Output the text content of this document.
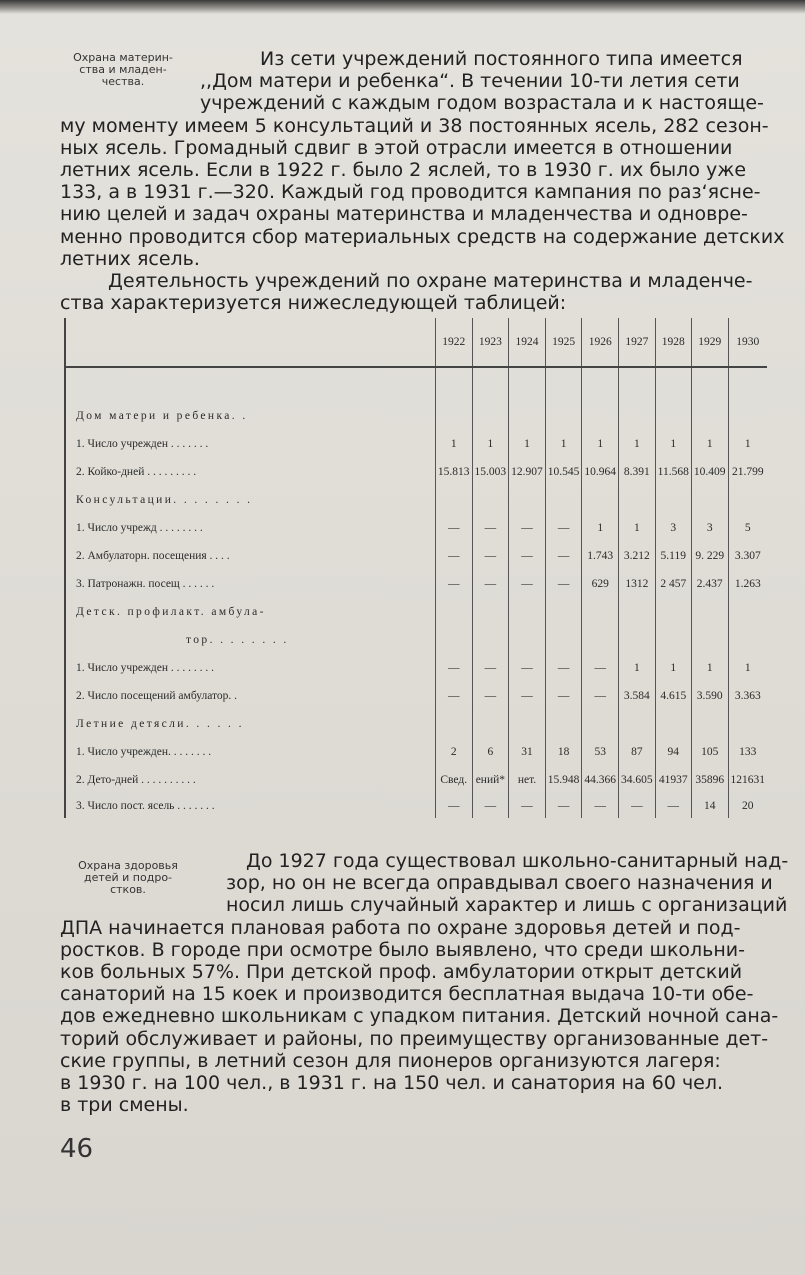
Охрана материн-
ства и младен-
чества.
Из сети учреждений постоянного типа имеется
,,Дом матери и ребенка“. В течении 10-ти летия сети
учреждений с каждым годом возрастала и к настояще-
му моменту имеем 5 консультаций и 38 постоянных ясель, 282 сезон-
ных ясель. Громадный сдвиг в этой отрасли имеется в отношении
летних ясель. Если в 1922 г. было 2 яслей, то в 1930 г. их было уже
133, а в 1931 г.—320. Каждый год проводится кампания по раз‘ясне-
нию целей и задач охраны материнства и младенчества и одновре-
менно проводится сбор материальных средств на содержание детских
летних ясель.
Деятельность учреждений по охране материнства и младенче-
ства характеризуется нижеследующей таблицей:
	1922	1923	1924	1925	1926	1927	1928	1929	1930

Дом матери и ребенка. .									
1. Число учрежден . . . . . . .	1	1	1	1	1	1	1	1	1
2. Койко-дней . . . . . . . . .	15.813	15.003	12.907	10.545	10.964	8.391	11.568	10.409	21.799
Консультации. . . . . . . .									
1. Число учрежд . . . . . . . .	—	—	—	—	1	1	3	3	5
2. Амбулаторн. посещения . . . .	—	—	—	—	1.743	3.212	5.119	9. 229	3.307
3. Патронажн. посещ . . . . . .	—	—	—	—	629	1312	2 457	2.437	1.263
Детск. профилакт. амбула-									
тор. . . . . . . .									
1. Число учрежден . . . . . . . .	—	—	—	—	—	1	1	1	1
2. Число посещений амбулатор. .	—	—	—	—	—	3.584	4.615	3.590	3.363
Летние детясли. . . . . .									
1. Число учрежден. . . . . . . .	2	6	31	18	53	87	94	105	133
2. Дето-дней . . . . . . . . . .	Свед.	ений*	нет.	15.948	44.366	34.605	41937	35896	121631
3. Число пост. ясель . . . . . . .	—	—	—	—	—	—	—	14	20
Охрана здоровья
детей и подро-
стков.
До 1927 года существовал школьно-санитарный над-
зор, но он не всегда оправдывал своего назначения и
носил лишь случайный характер и лишь с организаций
ДПА начинается плановая работа по охране здоровья детей и под-
ростков. В городе при осмотре было выявлено, что среди школьни-
ков больных 57%. При детской проф. амбулатории открыт детский
санаторий на 15 коек и производится бесплатная выдача 10-ти обе-
дов ежедневно школьникам с упадком питания. Детский ночной сана-
торий обслуживает и районы, по преимуществу организованные дет-
ские группы, в летний сезон для пионеров организуются лагеря:
в 1930 г. на 100 чел., в 1931 г. на 150 чел. и санатория на 60 чел.
в три смены.
46
